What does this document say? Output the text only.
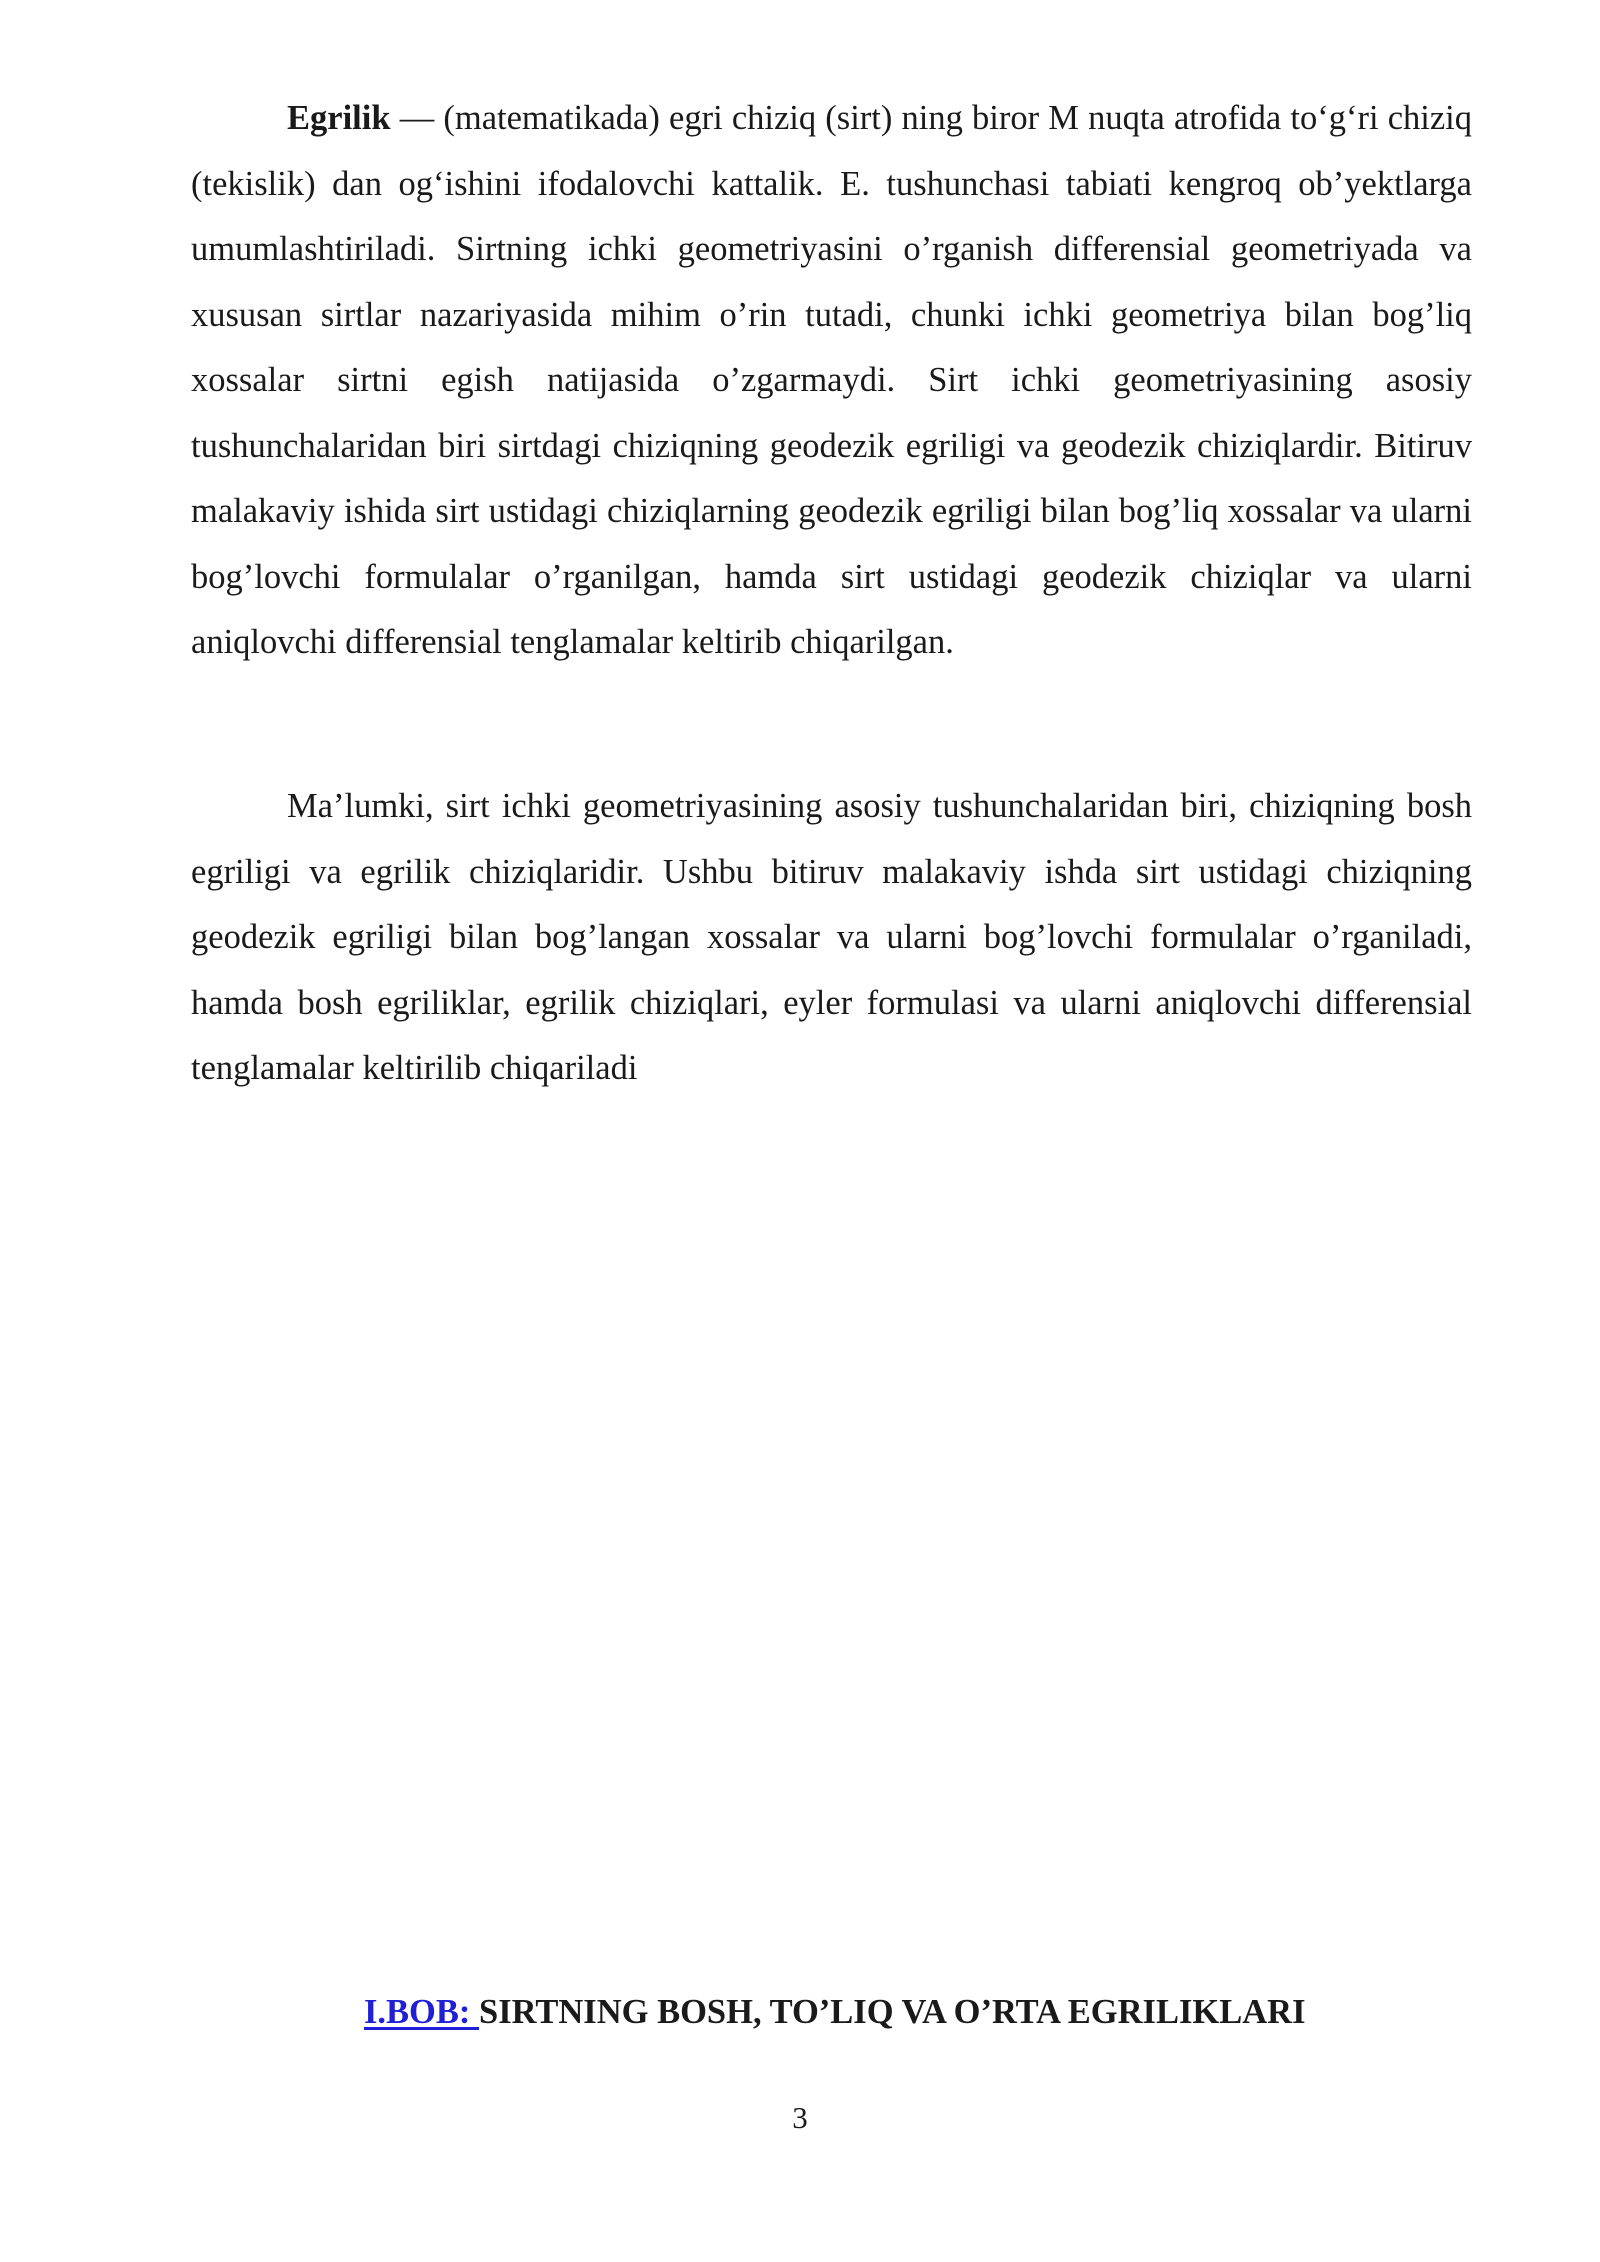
Egrilik — (matematikada) egri chiziq (sirt) ning biror M nuqta atrofida to‘g‘ri chiziq (tekislik) dan og‘ishini ifodalovchi kattalik. E. tushunchasi tabiati kengroq ob’yektlarga umumlashtiriladi. Sirtning ichki geometriyasini o’rganish differensial geometriyada va xususan sirtlar nazariyasida mihim o’rin tutadi, chunki ichki geometriya bilan bog’liq xossalar sirtni egish natijasida o’zgarmaydi. Sirt ichki geometriyasining asosiy tushunchalaridan biri sirtdagi chiziqning geodezik egriligi va geodezik chiziqlardir. Bitiruv malakaviy ishida sirt ustidagi chiziqlarning geodezik egriligi bilan bog’liq xossalar va ularni bog’lovchi formulalar o’rganilgan, hamda sirt ustidagi geodezik chiziqlar va ularni aniqlovchi differensial tenglamalar keltirib chiqarilgan.

Ma’lumki, sirt ichki geometriyasining asosiy tushunchalaridan biri, chiziqning bosh egriligi va egrilik chiziqlaridir. Ushbu bitiruv malakaviy ishda sirt ustidagi chiziqning geodezik egriligi bilan bog’langan xossalar va ularni bog’lovchi formulalar o’rganiladi, hamda bosh egriliklar, egrilik chiziqlari, eyler formulasi va ularni aniqlovchi differensial tenglamalar keltirilib chiqariladi

I.BOB: SIRTNING BOSH, TO’LIQ VA O’RTA EGRILIKLARI

3
